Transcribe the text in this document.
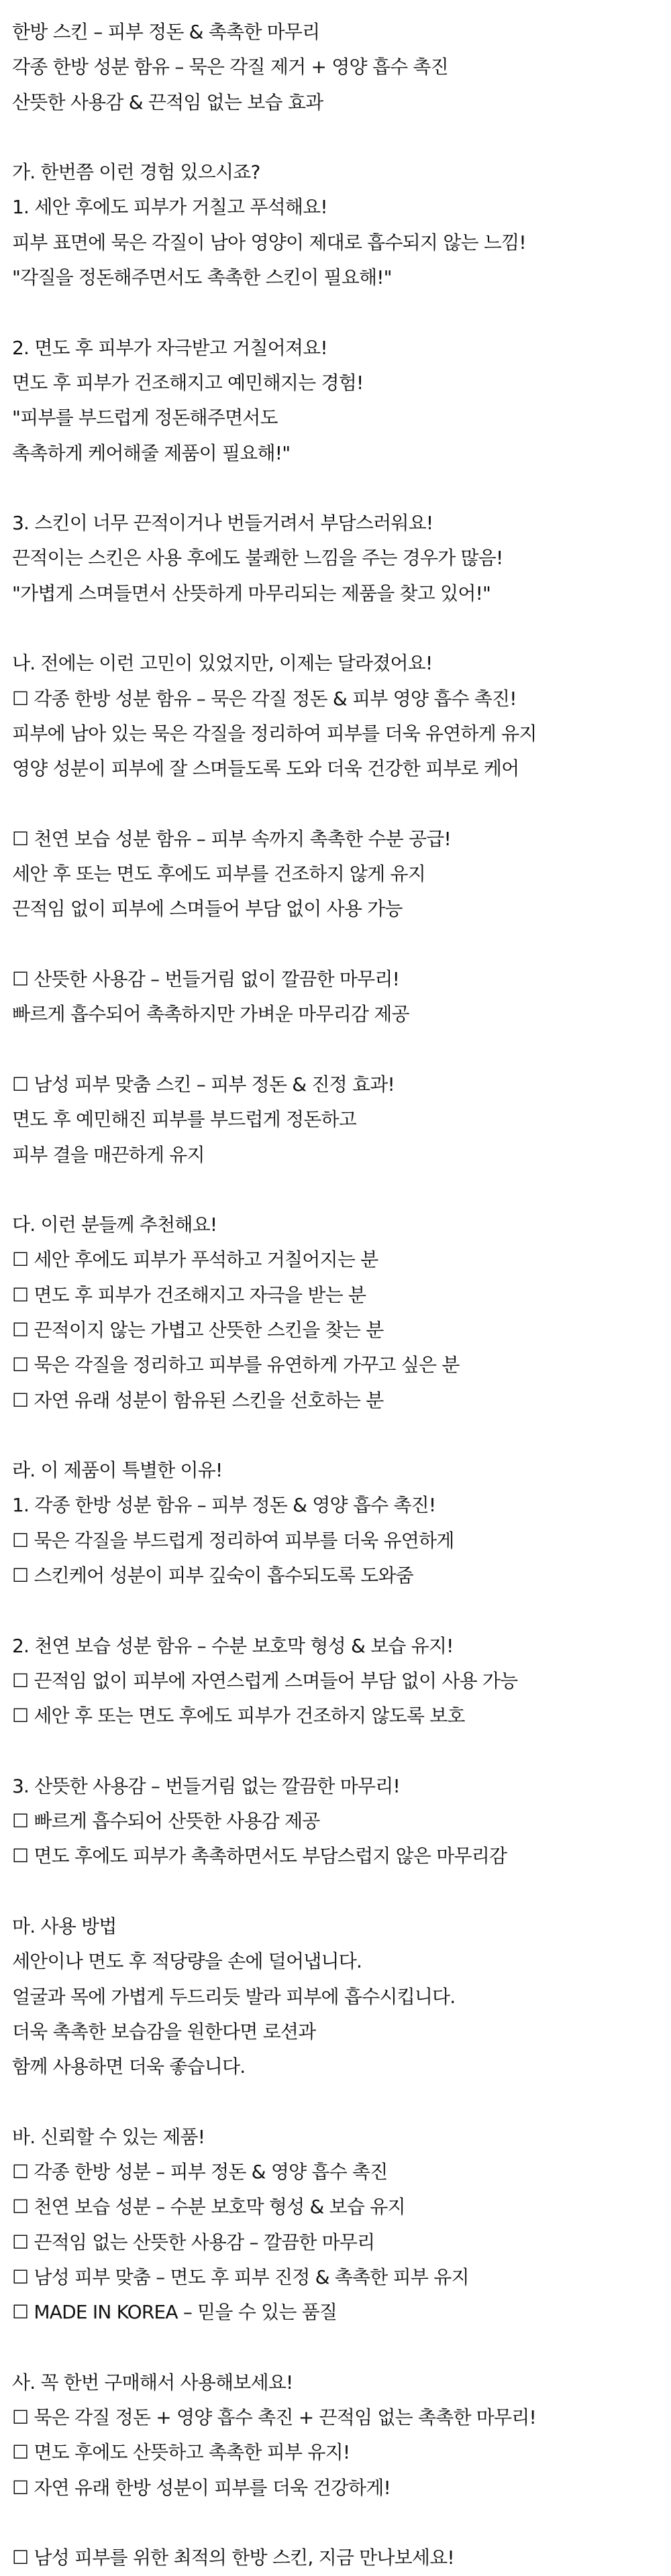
한방 스킨 – 피부 정돈 & 촉촉한 마무리
각종 한방 성분 함유 – 묵은 각질 제거 + 영양 흡수 촉진
산뜻한 사용감 & 끈적임 없는 보습 효과
가. 한번쯤 이런 경험 있으시죠?
1. 세안 후에도 피부가 거칠고 푸석해요!
피부 표면에 묵은 각질이 남아 영양이 제대로 흡수되지 않는 느낌!
"각질을 정돈해주면서도 촉촉한 스킨이 필요해!"
2. 면도 후 피부가 자극받고 거칠어져요!
면도 후 피부가 건조해지고 예민해지는 경험!
"피부를 부드럽게 정돈해주면서도
촉촉하게 케어해줄 제품이 필요해!"
3. 스킨이 너무 끈적이거나 번들거려서 부담스러워요!
끈적이는 스킨은 사용 후에도 불쾌한 느낌을 주는 경우가 많음!
"가볍게 스며들면서 산뜻하게 마무리되는 제품을 찾고 있어!"
나. 전에는 이런 고민이 있었지만, 이제는 달라졌어요!
☐ 각종 한방 성분 함유 – 묵은 각질 정돈 & 피부 영양 흡수 촉진!
피부에 남아 있는 묵은 각질을 정리하여 피부를 더욱 유연하게 유지
영양 성분이 피부에 잘 스며들도록 도와 더욱 건강한 피부로 케어
☐ 천연 보습 성분 함유 – 피부 속까지 촉촉한 수분 공급!
세안 후 또는 면도 후에도 피부를 건조하지 않게 유지
끈적임 없이 피부에 스며들어 부담 없이 사용 가능
☐ 산뜻한 사용감 – 번들거림 없이 깔끔한 마무리!
빠르게 흡수되어 촉촉하지만 가벼운 마무리감 제공
☐ 남성 피부 맞춤 스킨 – 피부 정돈 & 진정 효과!
면도 후 예민해진 피부를 부드럽게 정돈하고
피부 결을 매끈하게 유지
다. 이런 분들께 추천해요!
☐ 세안 후에도 피부가 푸석하고 거칠어지는 분
☐ 면도 후 피부가 건조해지고 자극을 받는 분
☐ 끈적이지 않는 가볍고 산뜻한 스킨을 찾는 분
☐ 묵은 각질을 정리하고 피부를 유연하게 가꾸고 싶은 분
☐ 자연 유래 성분이 함유된 스킨을 선호하는 분
라. 이 제품이 특별한 이유!
1. 각종 한방 성분 함유 – 피부 정돈 & 영양 흡수 촉진!
☐ 묵은 각질을 부드럽게 정리하여 피부를 더욱 유연하게
☐ 스킨케어 성분이 피부 깊숙이 흡수되도록 도와줌
2. 천연 보습 성분 함유 – 수분 보호막 형성 & 보습 유지!
☐ 끈적임 없이 피부에 자연스럽게 스며들어 부담 없이 사용 가능
☐ 세안 후 또는 면도 후에도 피부가 건조하지 않도록 보호
3. 산뜻한 사용감 – 번들거림 없는 깔끔한 마무리!
☐ 빠르게 흡수되어 산뜻한 사용감 제공
☐ 면도 후에도 피부가 촉촉하면서도 부담스럽지 않은 마무리감
마. 사용 방법
세안이나 면도 후 적당량을 손에 덜어냅니다.
얼굴과 목에 가볍게 두드리듯 발라 피부에 흡수시킵니다.
더욱 촉촉한 보습감을 원한다면 로션과
함께 사용하면 더욱 좋습니다.
바. 신뢰할 수 있는 제품!
☐ 각종 한방 성분 – 피부 정돈 & 영양 흡수 촉진
☐ 천연 보습 성분 – 수분 보호막 형성 & 보습 유지
☐ 끈적임 없는 산뜻한 사용감 – 깔끔한 마무리
☐ 남성 피부 맞춤 – 면도 후 피부 진정 & 촉촉한 피부 유지
☐ MADE IN KOREA – 믿을 수 있는 품질
사. 꼭 한번 구매해서 사용해보세요!
☐ 묵은 각질 정돈 + 영양 흡수 촉진 + 끈적임 없는 촉촉한 마무리!
☐ 면도 후에도 산뜻하고 촉촉한 피부 유지!
☐ 자연 유래 한방 성분이 피부를 더욱 건강하게!
☐ 남성 피부를 위한 최적의 한방 스킨, 지금 만나보세요!
